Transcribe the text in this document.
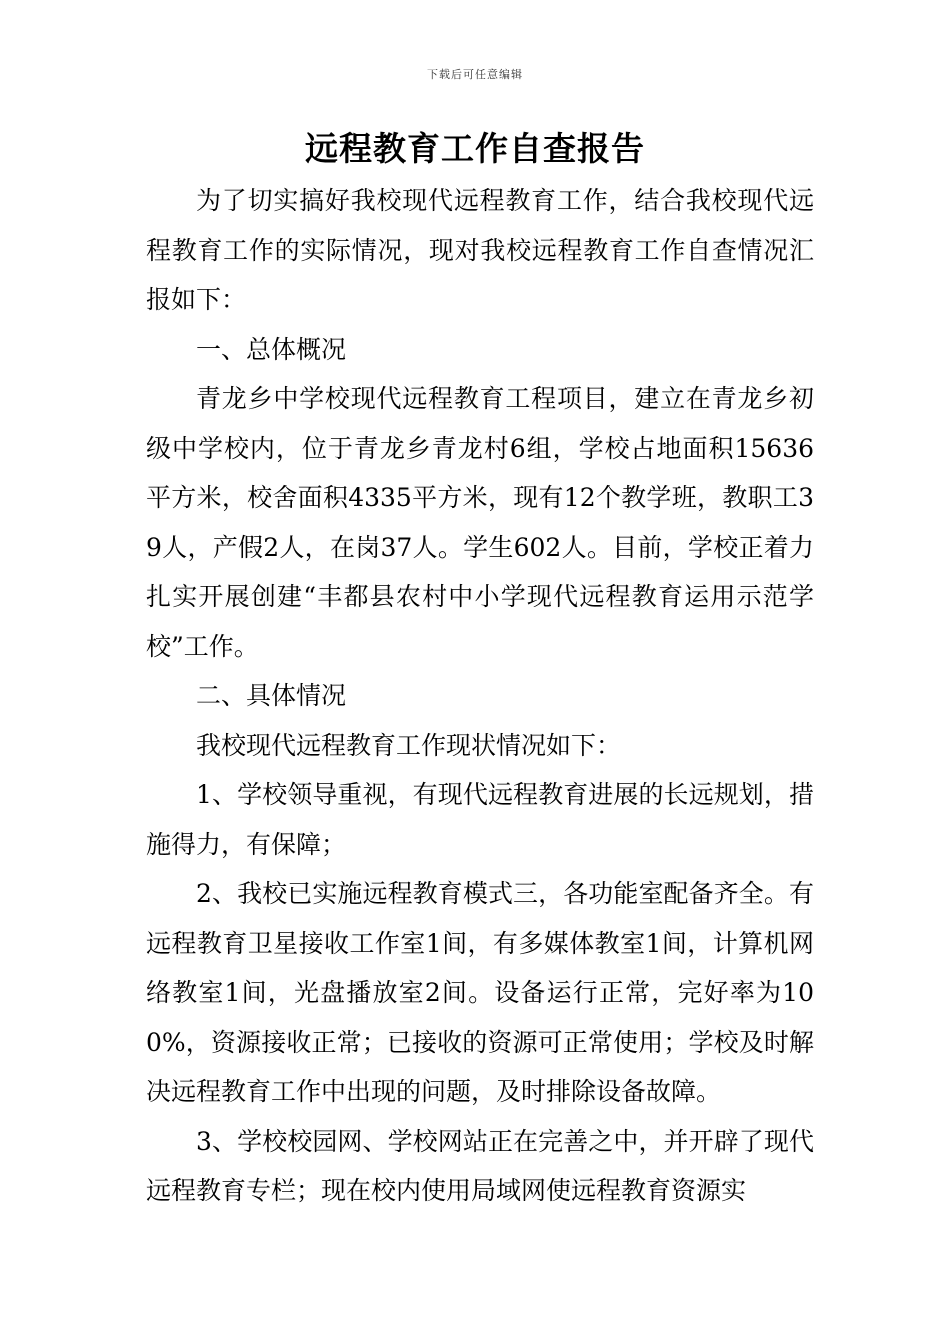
下载后可任意编辑
远程教育工作自查报告

为了切实搞好我校现代远程教育工作，结合我校现代远程教育工作的实际情况，现对我校远程教育工作自查情况汇报如下：

一、总体概况

青龙乡中学校现代远程教育工程项目，建立在青龙乡初级中学校内，位于青龙乡青龙村6组，学校占地面积15636平方米，校舍面积4335平方米，现有12个教学班，教职工39人，产假2人，在岗37人。学生602人。目前，学校正着力扎实开展创建“丰都县农村中小学现代远程教育运用示范学校”工作。

二、具体情况

我校现代远程教育工作现状情况如下：

1、学校领导重视，有现代远程教育进展的长远规划，措施得力，有保障；

2、我校已实施远程教育模式三，各功能室配备齐全。有远程教育卫星接收工作室1间，有多媒体教室1间，计算机网络教室1间，光盘播放室2间。设备运行正常，完好率为100%，资源接收正常；已接收的资源可正常使用；学校及时解决远程教育工作中出现的问题，及时排除设备故障。

3、学校校园网、学校网站正在完善之中，并开辟了现代远程教育专栏；现在校内使用局域网使远程教育资源实
